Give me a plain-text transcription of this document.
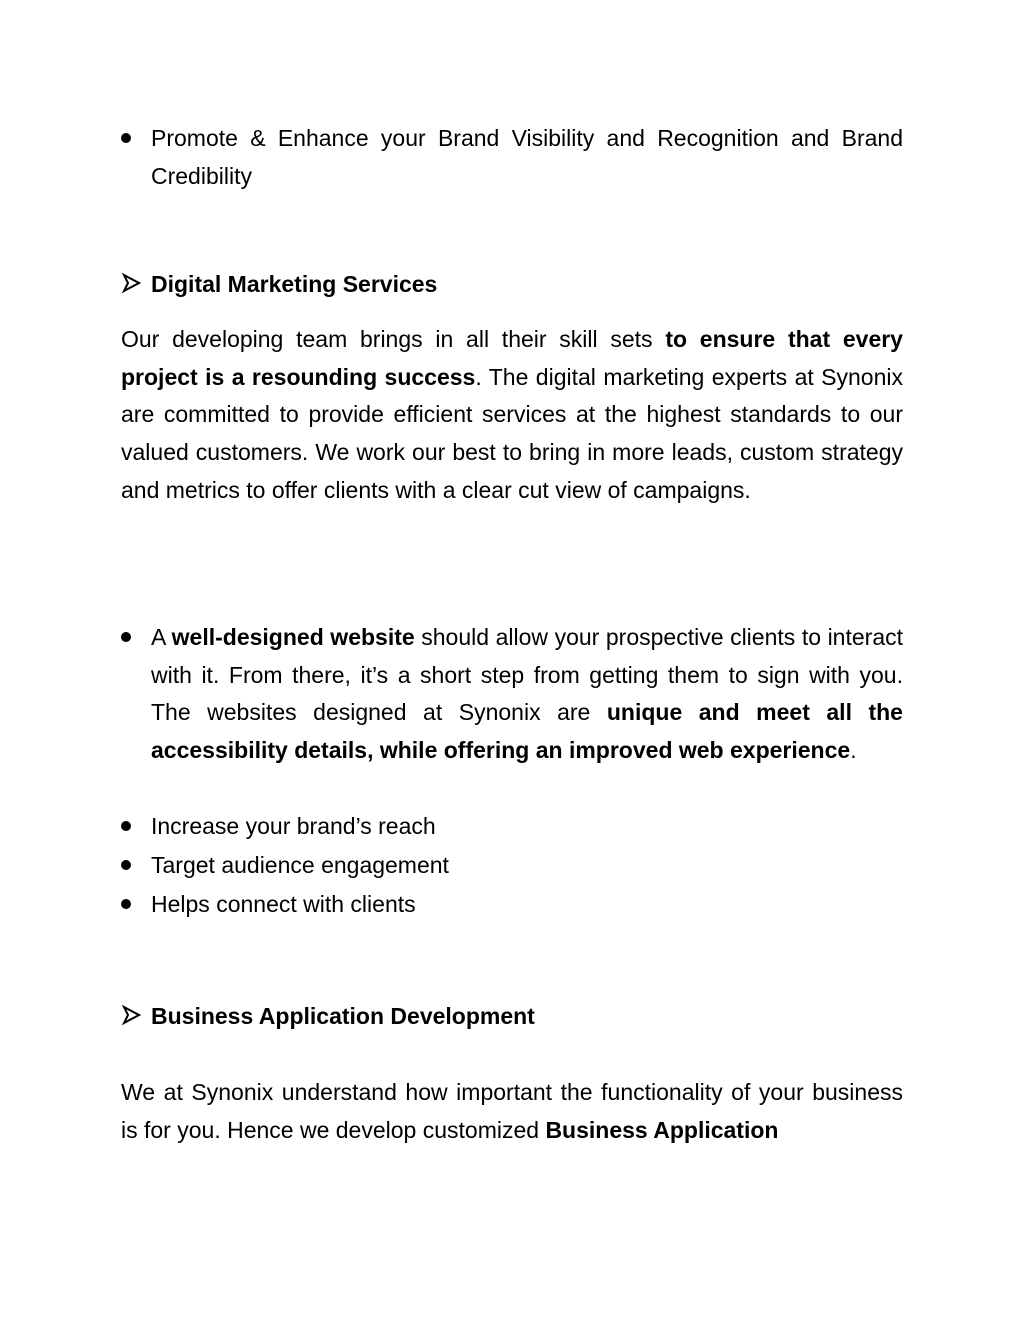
Promote & Enhance your Brand Visibility and Recognition and Brand Credibility
Digital Marketing Services
Our developing team brings in all their skill sets to ensure that every project is a resounding success. The digital marketing experts at Synonix are committed to provide efficient services at the highest standards to our valued customers. We work our best to bring in more leads, custom strategy and metrics to offer clients with a clear cut view of campaigns.
A well-designed website should allow your prospective clients to interact with it. From there, it’s a short step from getting them to sign with you. The websites designed at Synonix are unique and meet all the accessibility details, while offering an improved web experience.
Increase your brand’s reach
Target audience engagement
Helps connect with clients
Business Application Development
We at Synonix understand how important the functionality of your business is for you. Hence we develop customized Business Application
